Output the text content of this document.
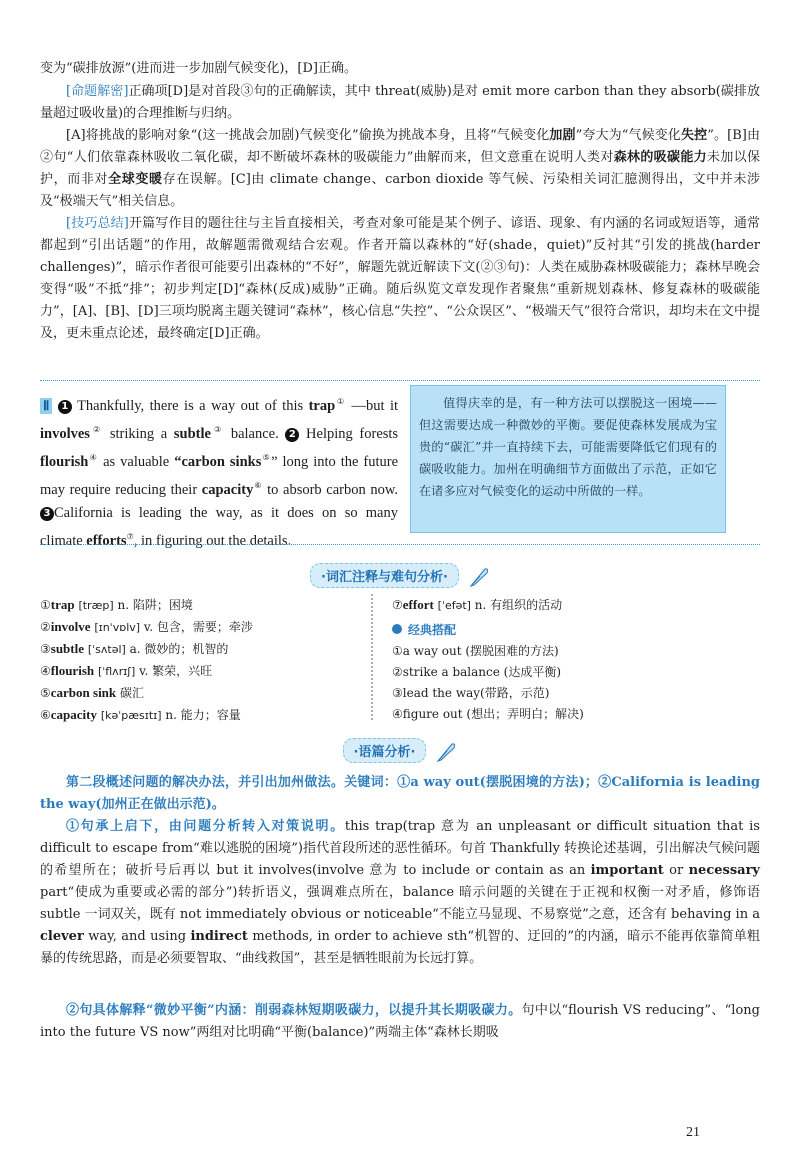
变为“碳排放源”(进而进一步加剧气候变化)，[D]正确。

[命题解密]正确项[D]是对首段③句的正确解读，其中 threat(威胁)是对 emit more carbon than they absorb(碳排放量超过吸收量)的合理推断与归纳。

[A]将挑战的影响对象“(这一挑战会加剧)气候变化”偷换为挑战本身，且将“气候变化加剧”夸大为“气候变化失控”。[B]由②句“人们依靠森林吸收二氧化碳，却不断破坏森林的吸碳能力”曲解而来，但文意重在说明人类对森林的吸碳能力未加以保护，而非对全球变暖存在误解。[C]由 climate change、carbon dioxide 等气候、污染相关词汇臆测得出，文中并未涉及“极端天气”相关信息。

[技巧总结]开篇写作目的题往往与主旨直接相关，考查对象可能是某个例子、谚语、现象、有内涵的名词或短语等，通常都起到“引出话题”的作用，故解题需微观结合宏观。作者开篇以森林的“好(shade，quiet)”反衬其“引发的挑战(harder challenges)”，暗示作者很可能要引出森林的“不好”，解题先就近解读下文(②③句)：人类在威胁森林吸碳能力；森林早晚会变得“吸”不抵“排”；初步判定[D]“森林(反成)威胁”正确。随后纵览文章发现作者聚焦“重新规划森林、修复森林的吸碳能力”，[A]、[B]、[D]三项均脱离主题关键词“森林”，核心信息“失控”、“公众误区”、“极端天气”很符合常识，却均未在文中提及，更未重点论述，最终确定[D]正确。

Ⅱ 1 Thankfully, there is a way out of this trap① —but it involves② striking a subtle③ balance. 2 Helping forests flourish④ as valuable “carbon sinks⑤” long into the future may require reducing their capacity⑥ to absorb carbon now. 3 California is leading the way, as it does on so many climate efforts⑦, in figuring out the details.
值得庆幸的是，有一种方法可以摆脱这一困境——但这需要达成一种微妙的平衡。要促使森林发展成为宝贵的“碳汇”并一直持续下去，可能需要降低它们现有的碳吸收能力。加州在明确细节方面做出了示范，正如它在诸多应对气候变化的运动中所做的一样。
·词汇注释与难句分析·
①trap [træp] n. 陷阱；困境
②involve [ɪnˈvɒlv] v. 包含，需要；牵涉
③subtle [ˈsʌtəl] a. 微妙的；机智的
④flourish [ˈflʌrɪʃ] v. 繁荣，兴旺
⑤carbon sink 碳汇
⑥capacity [kəˈpæsɪtɪ] n. 能力；容量
⑦effort [ˈefət] n. 有组织的活动
经典搭配
①a way out (摆脱困难的方法)
②strike a balance (达成平衡)
③lead the way(带路，示范)
④figure out (想出；弄明白；解决)
·语篇分析·

第二段概述问题的解决办法，并引出加州做法。关键词：①a way out(摆脱困境的方法)；②California is leading the way(加州正在做出示范)。

①句承上启下，由问题分析转入对策说明。this trap(trap 意为 an unpleasant or difficult situation that is difficult to escape from“难以逃脱的困境”)指代首段所述的恶性循环。句首 Thankfully 转换论述基调，引出解决气候问题的希望所在；破折号后再以 but it involves(involve 意为 to include or contain as an important or necessary part“使成为重要或必需的部分”)转折语义，强调难点所在，balance 暗示问题的关键在于正视和权衡一对矛盾，修饰语 subtle 一词双关，既有 not immediately obvious or noticeable“不能立马显现、不易察觉”之意，还含有 behaving in a clever way, and using indirect methods, in order to achieve sth“机智的、迂回的”的内涵，暗示不能再依靠简单粗暴的传统思路，而是必须要智取、“曲线救国”，甚至是牺牲眼前为长远打算。

②句具体解释“微妙平衡”内涵：削弱森林短期吸碳力，以提升其长期吸碳力。句中以“flourish VS reducing”、“long into the future VS now”两组对比明确“平衡(balance)”两端主体“森林长期吸

21
